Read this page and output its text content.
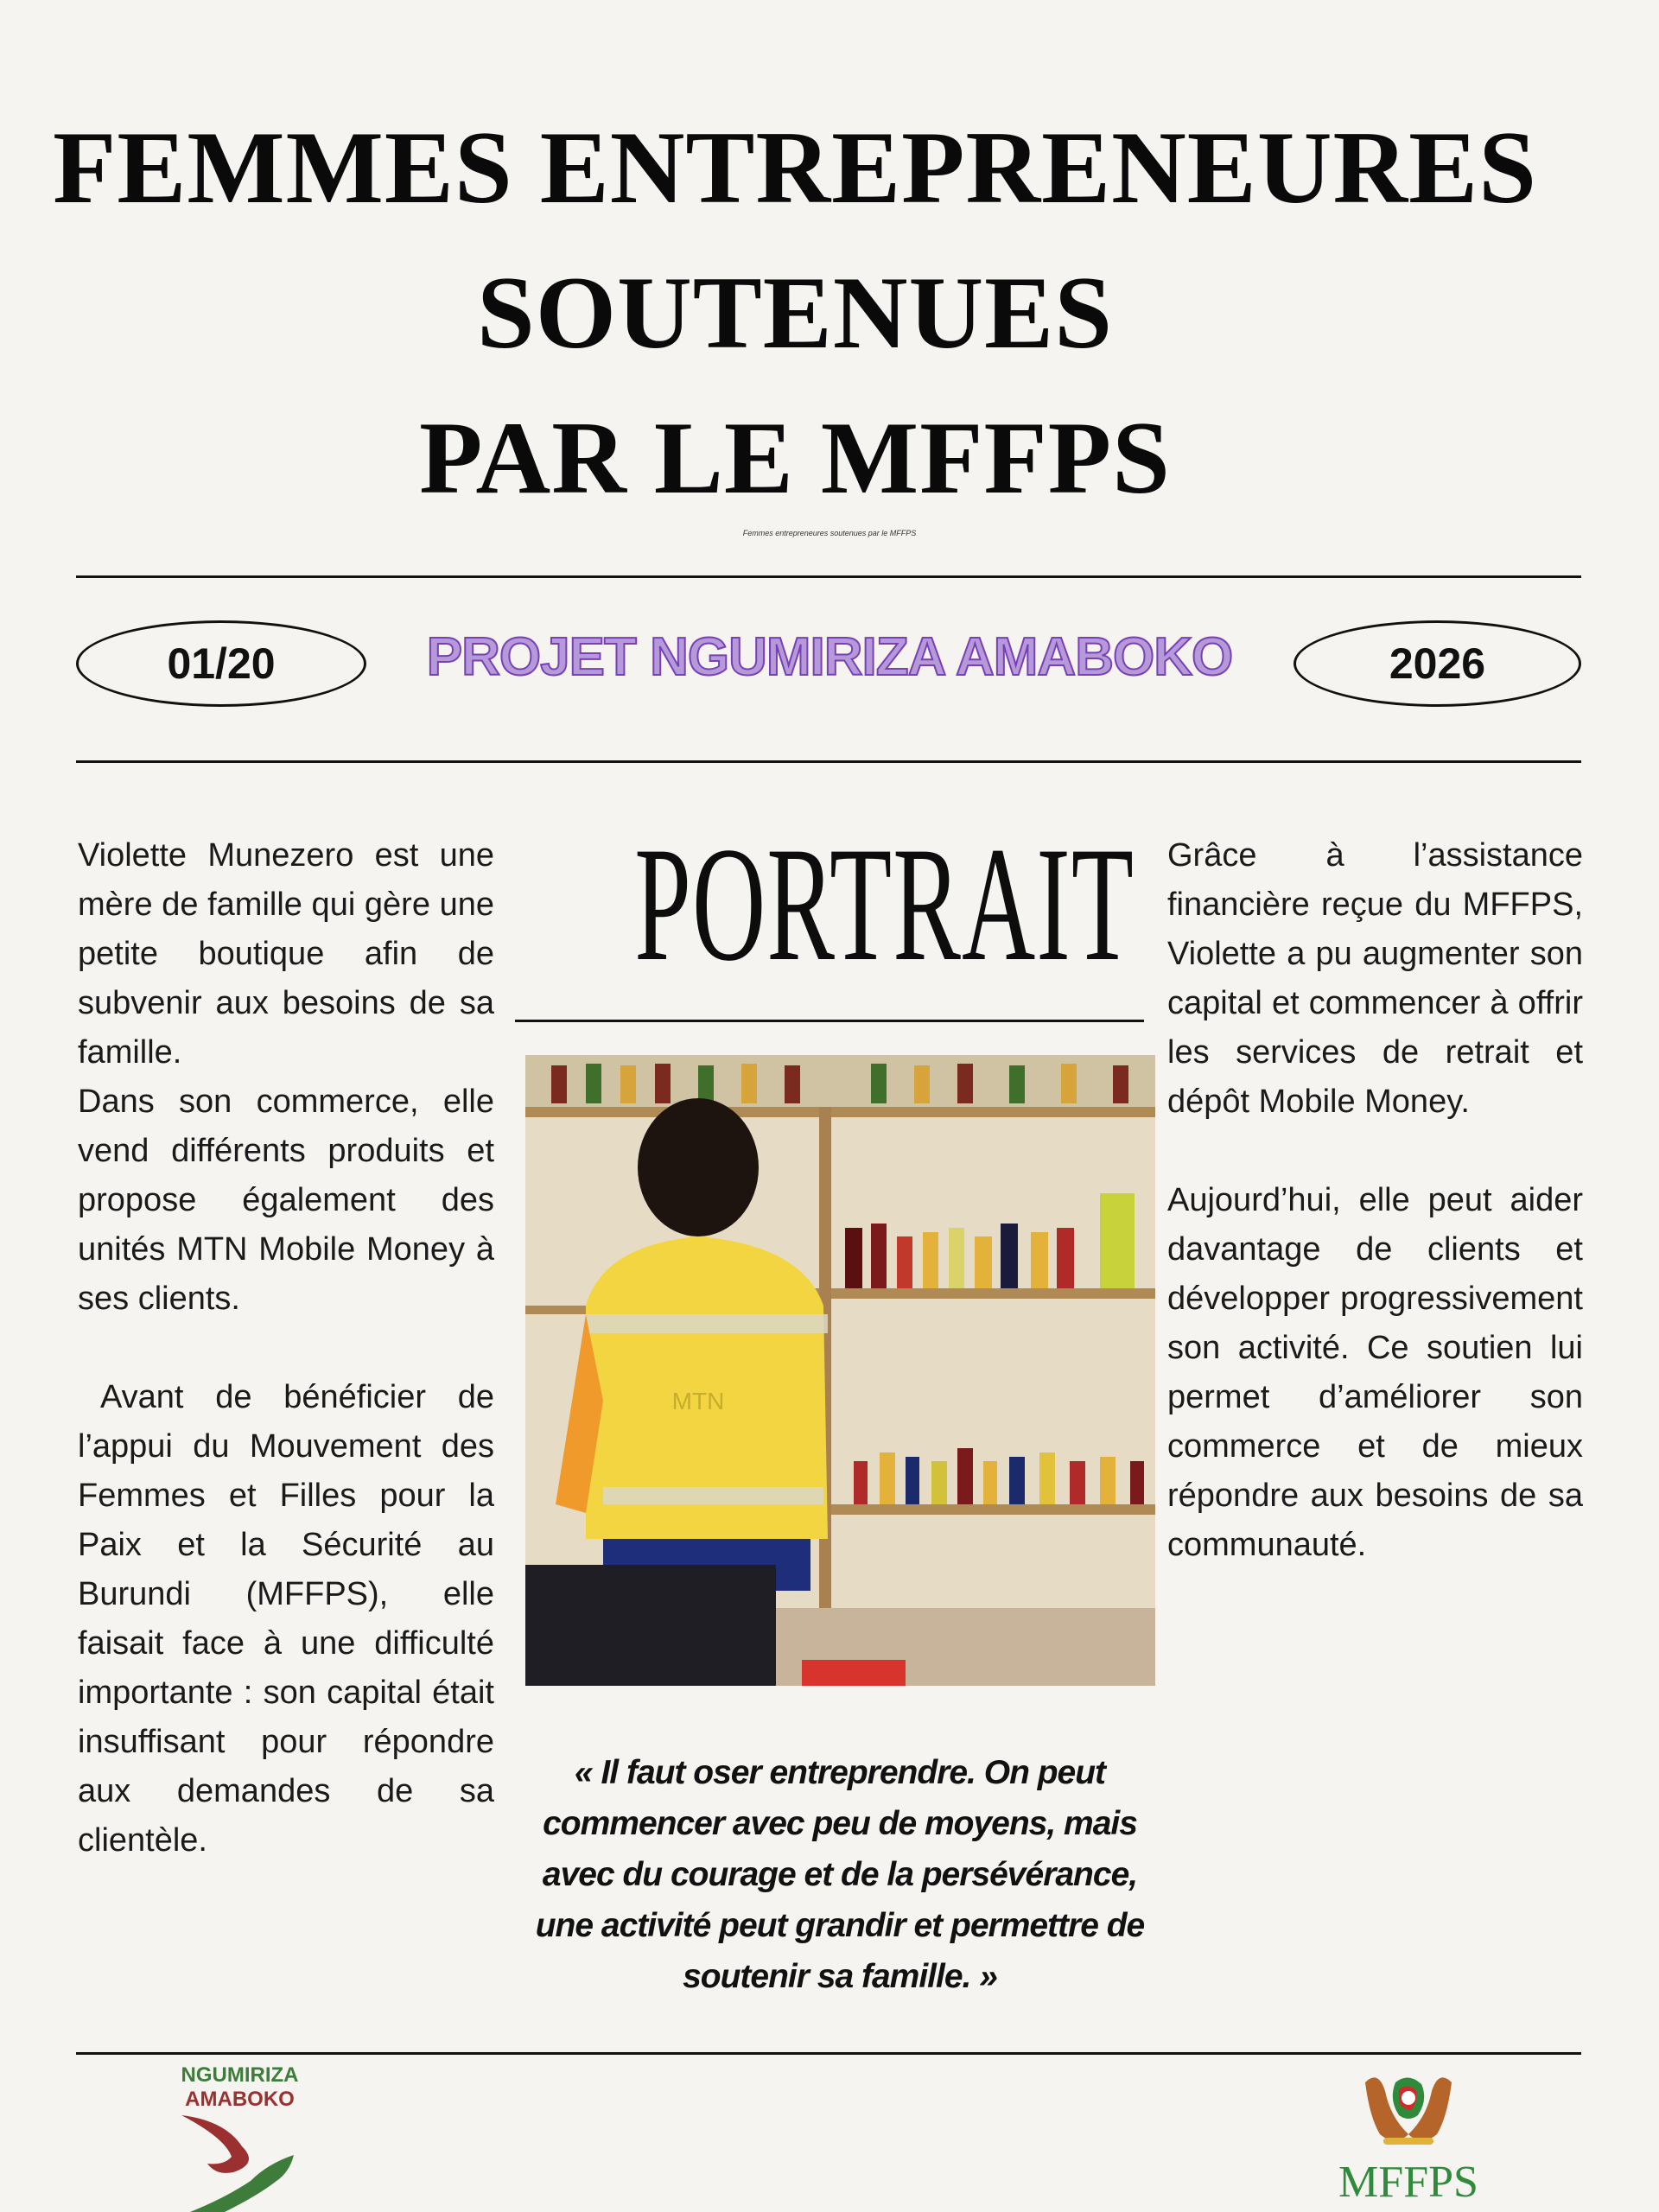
FEMMES ENTREPRENEURES
SOUTENUES
PAR LE MFFPS
Femmes entrepreneures soutenues par le MFFPS
01/20	PROJET NGUMIRIZA AMABOKO	2026

Violette Munezero est une mère de famille qui gère une petite boutique afin de subvenir aux besoins de sa famille.

Dans son commerce, elle vend différents produits et propose également des unités MTN Mobile Money à ses clients.

Avant de bénéficier de l’appui du Mouvement des Femmes et Filles pour la Paix et la Sécurité au Burundi (MFFPS), elle faisait face à une difficulté importante : son capital était insuffisant pour répondre aux demandes de sa clientèle.

PORTRAIT
MTN
« Il faut oser entreprendre. On peut commencer avec peu de moyens, mais avec du courage et de la persévérance, une activité peut grandir et permettre de soutenir sa famille. »

Grâce à l’assistance financière reçue du MFFPS, Violette a pu augmenter son capital et commencer à offrir les services de retrait et dépôt Mobile Money.

Aujourd’hui, elle peut aider davantage de clients et développer progressivement son activité. Ce soutien lui permet d’améliorer son commerce et de mieux répondre aux besoins de sa communauté.

NGUMIRIZA
AMABOKO
MFFPS
